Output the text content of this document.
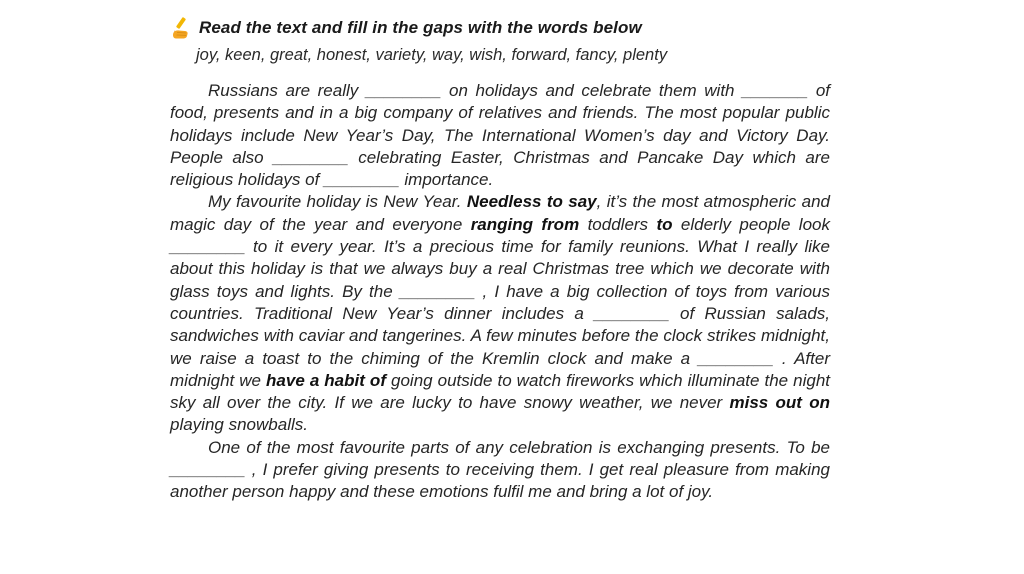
Read the text and fill in the gaps with the words below
joy, keen, great, honest, variety, way, wish, forward, fancy, plenty

Russians are really ________ on holidays and celebrate them with _______ of food, presents and in a big company of relatives and friends. The most popular public holidays include New Year’s Day, The International Women’s day and Victory Day. People also ________ celebrating Easter, Christmas and Pancake Day which are religious holidays of ________ importance.

My favourite holiday is New Year. Needless to say, it’s the most atmospheric and magic day of the year and everyone ranging from toddlers to elderly people look ________ to it every year. It’s a precious time for family reunions. What I really like about this holiday is that we always buy a real Christmas tree which we decorate with glass toys and lights. By the ________ , I have a big collection of toys from various countries. Traditional New Year’s dinner includes a ________ of Russian salads, sandwiches with caviar and tangerines. A few minutes before the clock strikes midnight, we raise a toast to the chiming of the Kremlin clock and make a ________ . After midnight we have a habit of going outside to watch fireworks which illuminate the night sky all over the city. If we are lucky to have snowy weather, we never miss out on playing snowballs.

One of the most favourite parts of any celebration is exchanging presents. To be ________ , I prefer giving presents to receiving them. I get real pleasure from making another person happy and these emotions fulfil me and bring a lot of joy.
